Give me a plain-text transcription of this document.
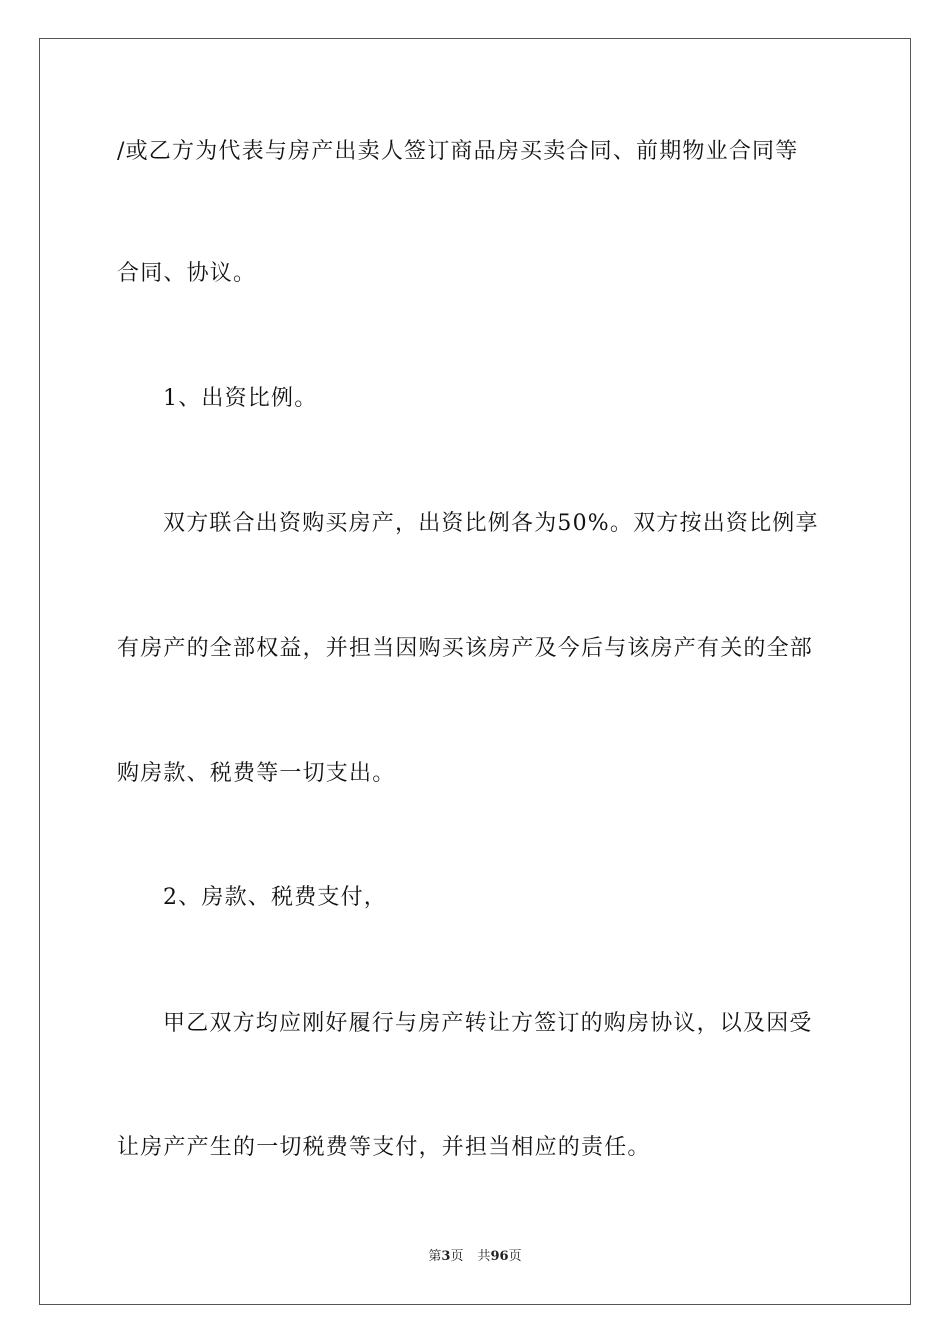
/或乙方为代表与房产出卖人签订商品房买卖合同、前期物业合同等
合同、协议。
1、出资比例。
双方联合出资购买房产，出资比例各为50%。双方按出资比例享
有房产的全部权益，并担当因购买该房产及今后与该房产有关的全部
购房款、税费等一切支出。
2、房款、税费支付，
甲乙双方均应刚好履行与房产转让方签订的购房协议，以及因受
让房产产生的一切税费等支付，并担当相应的责任。
第3页 共96页
